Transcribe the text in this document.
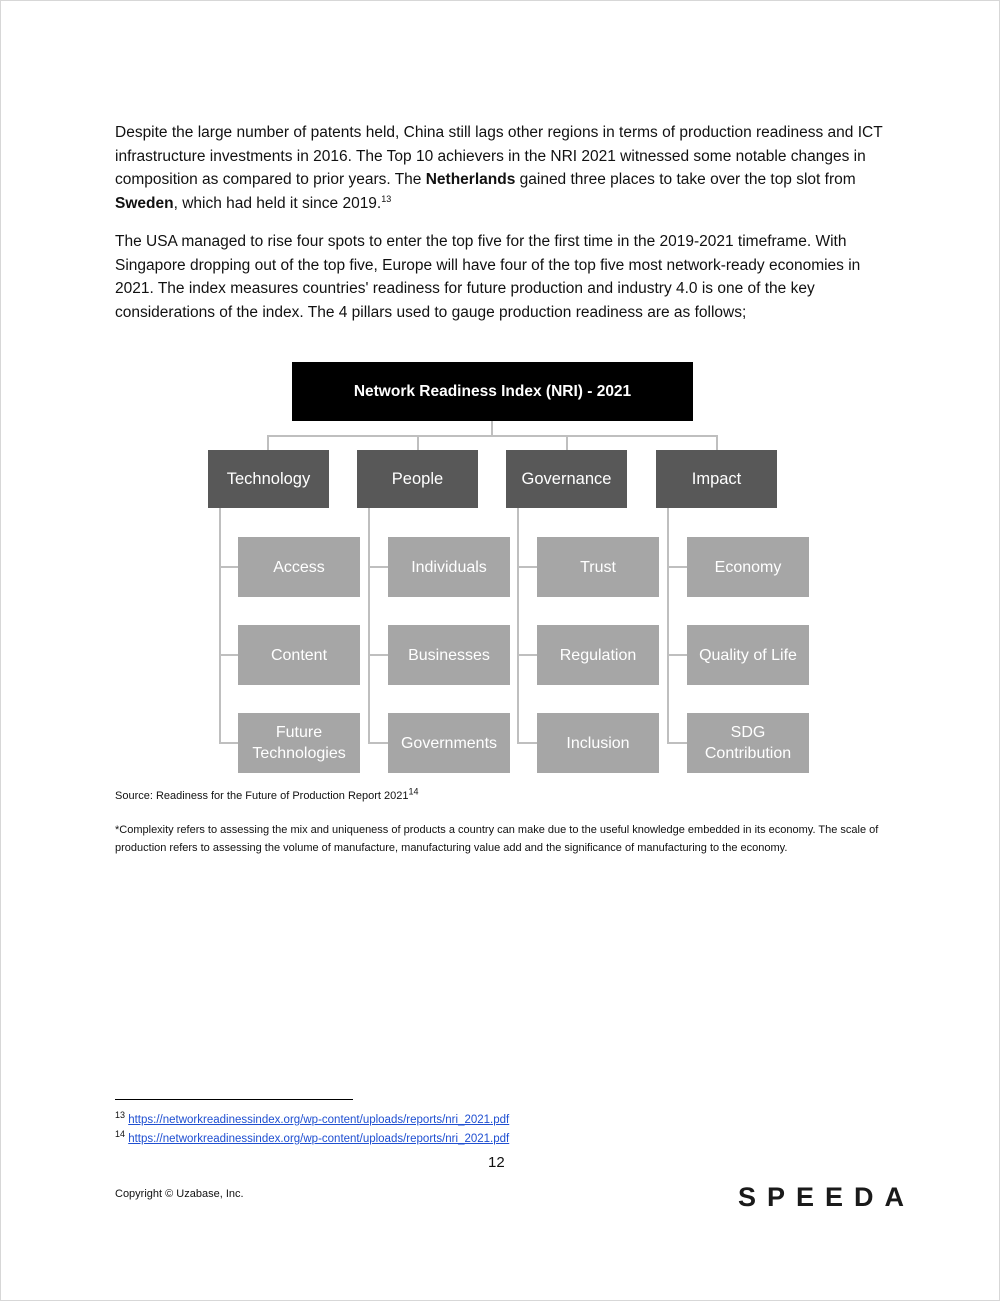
Despite the large number of patents held, China still lags other regions in terms of production readiness and ICT infrastructure investments in 2016. The Top 10 achievers in the NRI 2021 witnessed some notable changes in composition as compared to prior years. The Netherlands gained three places to take over the top slot from Sweden, which had held it since 2019.13

The USA managed to rise four spots to enter the top five for the first time in the 2019-2021 timeframe. With Singapore dropping out of the top five, Europe will have four of the top five most network-ready economies in 2021. The index measures countries' readiness for future production and industry 4.0 is one of the key considerations of the index. The 4 pillars used to gauge production readiness are as follows;

Network Readiness Index (NRI) - 2021
Technology	People	Governance	Impact
Access
Content
Future Technologies
Individuals
Businesses
Governments
Trust
Regulation
Inclusion
Economy
Quality of Life
SDG Contribution
Source: Readiness for the Future of Production Report 2021$^{14}$

*Complexity refers to assessing the mix and uniqueness of products a country can make due to the useful knowledge embedded in its economy. The scale of production refers to assessing the volume of manufacture, manufacturing value add and the significance of manufacturing to the economy.

$^{13}$ https://networkreadinessindex.org/wp-content/uploads/reports/nri_2021.pdf
$^{14}$ https://networkreadinessindex.org/wp-content/uploads/reports/nri_2021.pdf
12
Copyright © Uzabase, Inc.	SPEEDA
